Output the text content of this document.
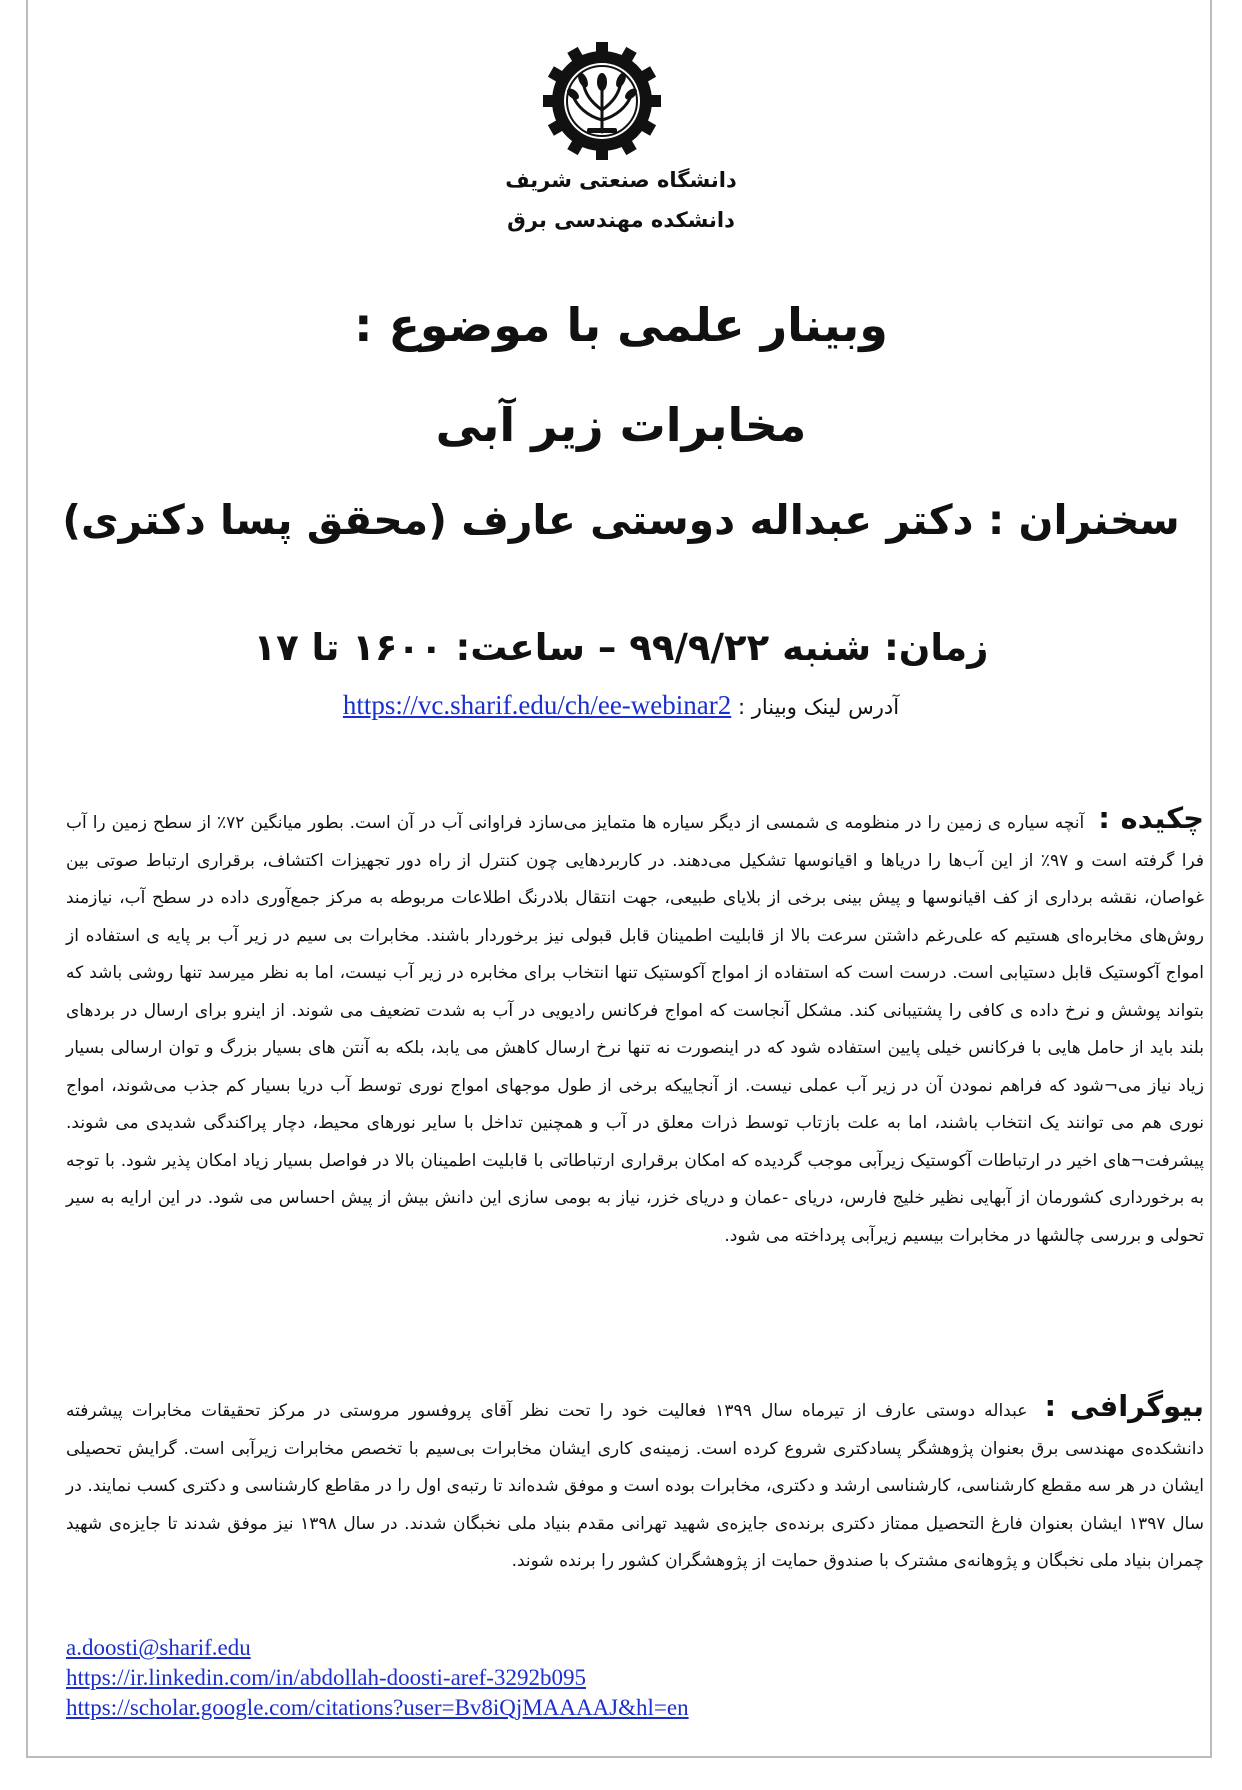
دانشگاه صنعتی شریف
دانشکده مهندسی برق
وبینار علمی با موضوع :
مخابرات زیر آبی
سخنران : دکتر عبداله دوستی عارف (محقق پسا دکتری)
زمان: شنبه ۹۹/۹/۲۲ – ساعت: ۱۶۰۰ تا ۱۷
آدرس لینک وبینار : https://vc.sharif.edu/ch/ee-webinar2
چکیده : آنچه سیاره ی زمین را در منظومه ی شمسی از دیگر سیاره ها متمایز می‌سازد فراوانی آب در آن است. بطور میانگین ۷۲٪ از سطح زمین را آب فرا گرفته است و ۹۷٪ از این آب‌ها را دریاها و اقیانوسها تشکیل می‌دهند. در کاربردهایی چون کنترل از راه دور تجهیزات اکتشاف، برقراری ارتباط صوتی بین غواصان، نقشه برداری از کف اقیانوسها و پیش بینی برخی از بلایای طبیعی، جهت انتقال بلادرنگ اطلاعات مربوطه به مرکز جمع‌آوری داده در سطح آب، نیازمند روش‌های مخابره‌ای هستیم که علی‌رغم داشتن سرعت بالا از قابلیت اطمینان قابل قبولی نیز برخوردار باشند. مخابرات بی سیم در زیر آب بر پایه ی استفاده از امواج آکوستیک قابل دستیابی است. درست است که استفاده از امواج آکوستیک تنها انتخاب برای مخابره در زیر آب نیست، اما به نظر میرسد تنها روشی باشد که بتواند پوشش و نرخ داده ی کافی را پشتیبانی کند. مشکل آنجاست که امواج فرکانس رادیویی در آب به شدت تضعیف می شوند. از اینرو برای ارسال در بردهای بلند باید از حامل هایی با فرکانس خیلی پایین استفاده شود که در اینصورت نه تنها نرخ ارسال کاهش می یابد، بلکه به آنتن های بسیار بزرگ و توان ارسالی بسیار زیاد نیاز می¬شود که فراهم نمودن آن در زیر آب عملی نیست. از آنجاییکه برخی از طول موجهای امواج نوری توسط آب دریا بسیار کم جذب می‌شوند، امواج نوری هم می توانند یک انتخاب باشند، اما به علت بازتاب توسط ذرات معلق در آب و همچنین تداخل با سایر نورهای محیط، دچار پراکندگی شدیدی می شوند. پیشرفت¬های اخیر در ارتباطات آکوستیک زیرآبی موجب گردیده که امکان برقراری ارتباطاتی با قابلیت اطمینان بالا در فواصل بسیار زیاد امکان پذیر شود. با توجه به برخورداری کشورمان از آبهایی نظیر خلیج فارس، دریای -عمان و دریای خزر، نیاز به بومی سازی این دانش بیش از پیش احساس می شود. در این ارایه به سیر تحولی و بررسی چالشها در مخابرات بیسیم زیرآبی پرداخته می شود.
بیوگرافی : عبداله دوستی عارف از تیرماه سال ۱۳۹۹ فعالیت خود را تحت نظر آقای پروفسور مروستی در مرکز تحقیقات مخابرات پیشرفته دانشکده‌ی مهندسی برق بعنوان پژوهشگر پسادکتری شروع کرده است. زمینه‌ی کاری ایشان مخابرات بی‌سیم با تخصص مخابرات زیرآبی است. گرایش تحصیلی ایشان در هر سه مقطع کارشناسی، کارشناسی ارشد و دکتری، مخابرات بوده است و موفق شده‌اند تا رتبه‌ی اول را در مقاطع کارشناسی و دکتری کسب نمایند. در سال ۱۳۹۷ ایشان بعنوان فارغ التحصیل ممتاز دکتری برنده‌ی جایزه‌ی شهید تهرانی مقدم بنیاد ملی نخبگان شدند. در سال ۱۳۹۸ نیز موفق شدند تا جایزه‌ی شهید چمران بنیاد ملی نخبگان و پژوهانه‌ی مشترک با صندوق حمایت از پژوهشگران کشور را برنده شوند.
a.doosti@sharif.edu
https://ir.linkedin.com/in/abdollah-doosti-aref-3292b095
https://scholar.google.com/citations?user=Bv8iQjMAAAAJ&hl=en
